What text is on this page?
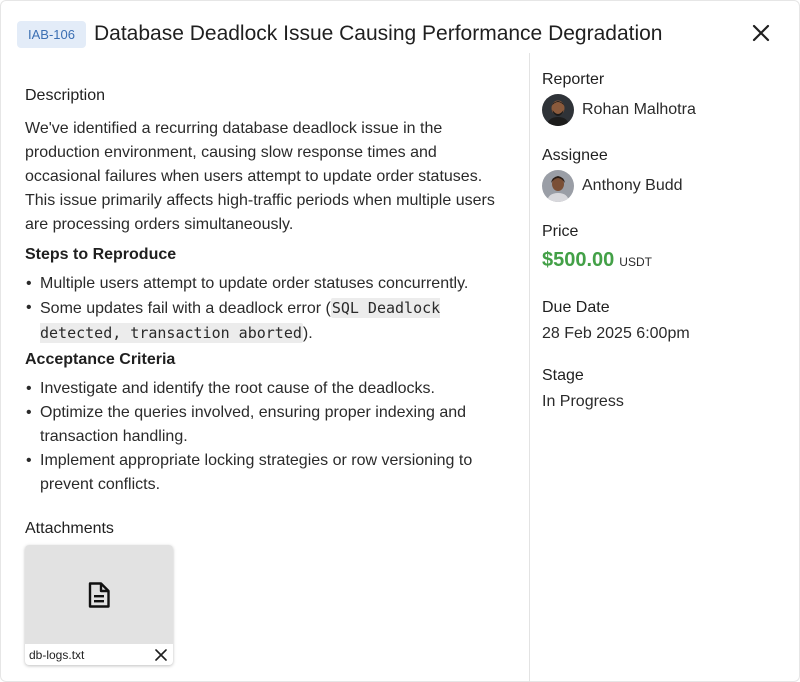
IAB-106 Database Deadlock Issue Causing Performance Degradation
Description

We've identified a recurring database deadlock issue in the production environment, causing slow response times and occasional failures when users attempt to update order statuses. This issue primarily affects high-traffic periods when multiple users are processing orders simultaneously.

Steps to Reproduce
• Multiple users attempt to update order statuses concurrently.
• Some updates fail with a deadlock error (SQL Deadlock detected, transaction aborted).
Acceptance Criteria
• Investigate and identify the root cause of the deadlocks.
• Optimize the queries involved, ensuring proper indexing and transaction handling.
• Implement appropriate locking strategies or row versioning to prevent conflicts.
Attachments
db-logs.txt
Reporter
Rohan Malhotra
Assignee
Anthony Budd
Price
$500.00 USDT
Due Date
28 Feb 2025 6:00pm
Stage
In Progress
